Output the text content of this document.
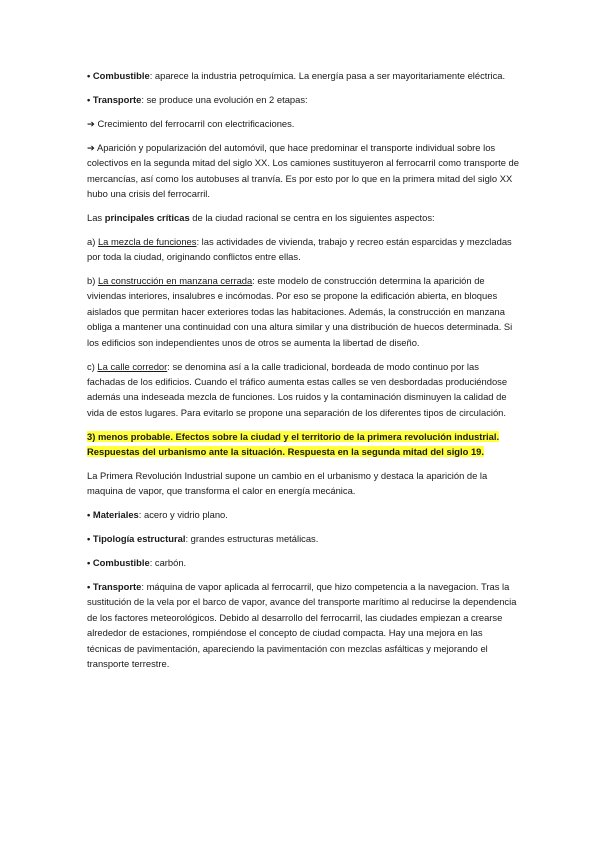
• Combustible: aparece la industria petroquímica. La energía pasa a ser mayoritariamente eléctrica.

• Transporte: se produce una evolución en 2 etapas:

➔ Crecimiento del ferrocarril con electrificaciones.

➔ Aparición y popularización del automóvil, que hace predominar el transporte individual sobre los colectivos en la segunda mitad del siglo XX. Los camiones sustituyeron al ferrocarril como transporte de mercancías, así como los autobuses al tranvía. Es por esto por lo que en la primera mitad del siglo XX hubo una crisis del ferrocarril.

Las principales críticas de la ciudad racional se centra en los siguientes aspectos:

a) La mezcla de funciones: las actividades de vivienda, trabajo y recreo están esparcidas y mezcladas por toda la ciudad, originando conflictos entre ellas.

b) La construcción en manzana cerrada: este modelo de construcción determina la aparición de viviendas interiores, insalubres e incómodas. Por eso se propone la edificación abierta, en bloques aislados que permitan hacer exteriores todas las habitaciones. Además, la construcción en manzana obliga a mantener una continuidad con una altura similar y una distribución de huecos determinada. Si los edificios son independientes unos de otros se aumenta la libertad de diseño.

c) La calle corredor: se denomina así a la calle tradicional, bordeada de modo continuo por las fachadas de los edificios. Cuando el tráfico aumenta estas calles se ven desbordadas produciéndose además una indeseada mezcla de funciones. Los ruidos y la contaminación disminuyen la calidad de vida de estos lugares. Para evitarlo se propone una separación de los diferentes tipos de circulación.

3) menos probable. Efectos sobre la ciudad y el territorio de la primera revolución industrial.
Respuestas del urbanismo ante la situación. Respuesta en la segunda mitad del siglo 19.

La Primera Revolución Industrial supone un cambio en el urbanismo y destaca la aparición de la maquina de vapor, que transforma el calor en energía mecánica.

• Materiales: acero y vidrio plano.

• Tipología estructural: grandes estructuras metálicas.

• Combustible: carbón.

• Transporte: máquina de vapor aplicada al ferrocarril, que hizo competencia a la navegacion. Tras la sustitución de la vela por el barco de vapor, avance del transporte marítimo al reducirse la dependencia de los factores meteorológicos. Debido al desarrollo del ferrocarril, las ciudades empiezan a crearse alrededor de estaciones, rompiéndose el concepto de ciudad compacta. Hay una mejora en las técnicas de pavimentación, apareciendo la pavimentación con mezclas asfálticas y mejorando el transporte terrestre.
